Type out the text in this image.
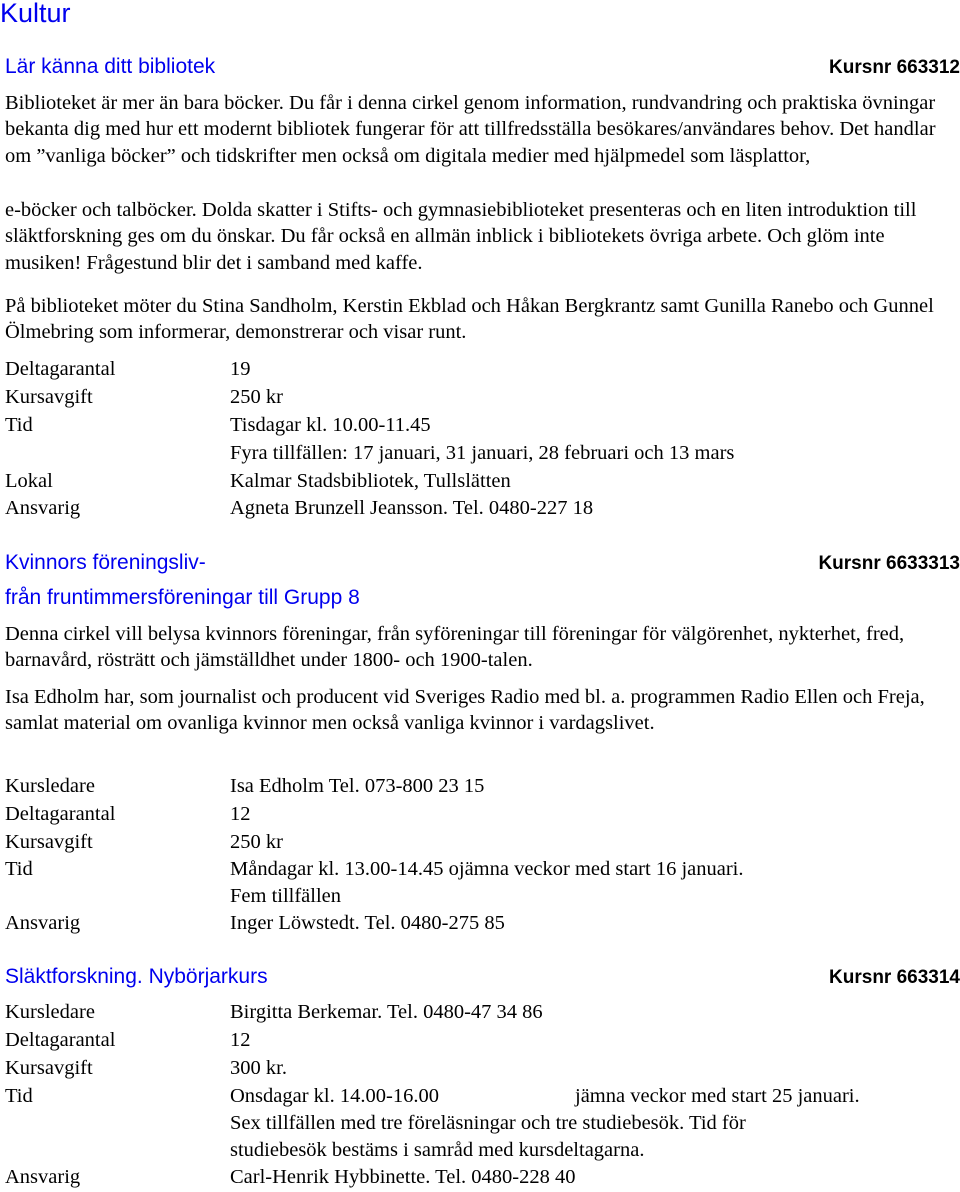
Kultur
Lär känna ditt bibliotek	Kursnr 663312

Biblioteket är mer än bara böcker. Du får i denna cirkel genom information, rundvandring och praktiska övningar bekanta dig med hur ett modernt bibliotek fungerar för att tillfredsställa besökares/användares behov. Det handlar om ”vanliga böcker” och tidskrifter men också om digitala medier med hjälpmedel som läsplattor,

e-böcker och talböcker. Dolda skatter i Stifts- och gymnasiebiblioteket presenteras och en liten introduktion till släktforskning ges om du önskar. Du får också en allmän inblick i bibliotekets övriga arbete. Och glöm inte musiken! Frågestund blir det i samband med kaffe.

På biblioteket möter du Stina Sandholm, Kerstin Ekblad och Håkan Bergkrantz samt Gunilla Ranebo och Gunnel Ölmebring som informerar, demonstrerar och visar runt.

Deltagarantal	19
Kursavgift	250 kr
Tid	Tisdagar kl. 10.00-11.45
Fyra tillfällen: 17 januari, 31 januari, 28 februari och 13 mars
Lokal	Kalmar Stadsbibliotek, Tullslätten
Ansvarig	Agneta Brunzell Jeansson. Tel. 0480-227 18
Kvinnors föreningsliv-	Kursnr 6633313
från fruntimmersföreningar till Grupp 8

Denna cirkel vill belysa kvinnors föreningar, från syföreningar till föreningar för välgörenhet, nykterhet, fred, barnavård, rösträtt och jämställdhet under 1800- och 1900-talen.

Isa Edholm har, som journalist och producent vid Sveriges Radio med bl. a. programmen Radio Ellen och Freja, samlat material om ovanliga kvinnor men också vanliga kvinnor i vardagslivet.

Kursledare	Isa Edholm Tel. 073-800 23 15
Deltagarantal	12
Kursavgift	250 kr
Tid	Måndagar kl. 13.00-14.45 ojämna veckor med start 16 januari.
Fem tillfällen
Ansvarig	Inger Löwstedt. Tel. 0480-275 85
Släktforskning. Nybörjarkurs	Kursnr 663314
Kursledare	Birgitta Berkemar. Tel. 0480-47 34 86
Deltagarantal	12
Kursavgift	300 kr.
Tid	Onsdagar kl. 14.00-16.00	jämna veckor med start 25 januari.
Sex tillfällen med tre föreläsningar och tre studiebesök. Tid för
studiebesök bestäms i samråd med kursdeltagarna.
Ansvarig	Carl-Henrik Hybbinette. Tel. 0480-228 40
